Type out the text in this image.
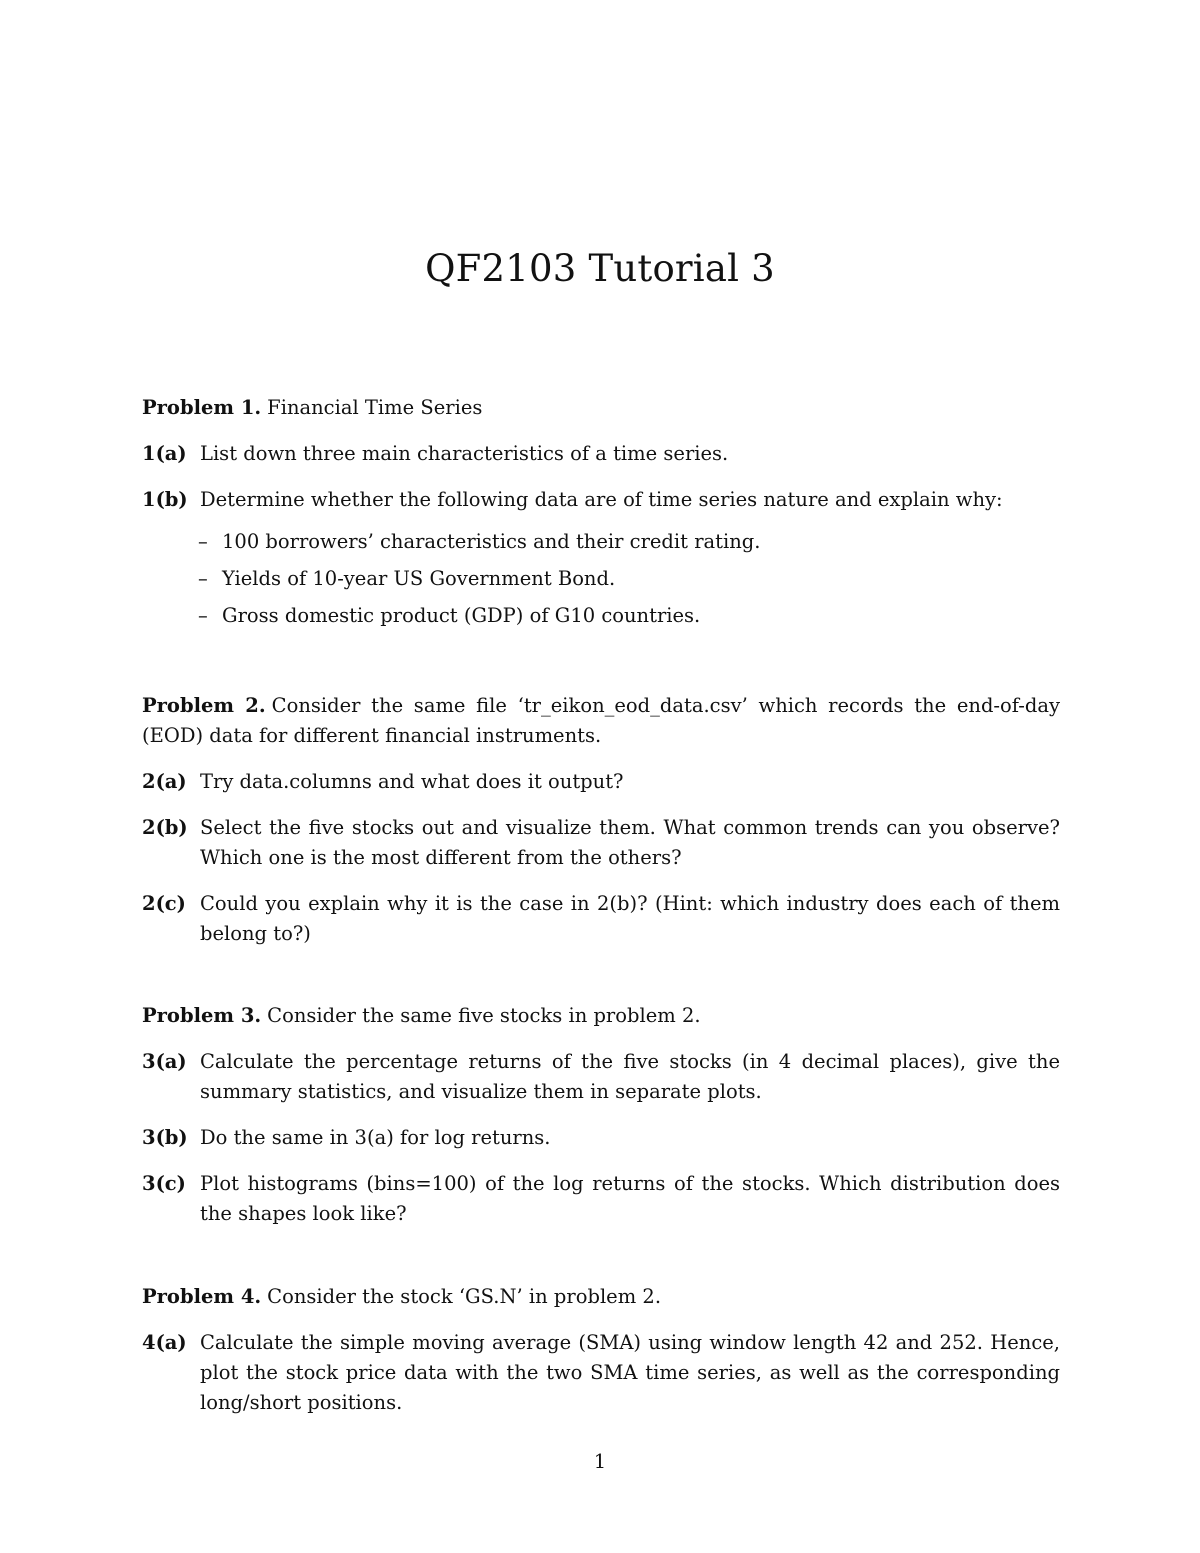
QF2103 Tutorial 3

Problem 1. Financial Time Series

1(a) List down three main characteristics of a time series.
1(b) Determine whether the following data are of time series nature and explain why:
– 100 borrowers’ characteristics and their credit rating.
– Yields of 10-year US Government Bond.
– Gross domestic product (GDP) of G10 countries.

Problem 2. Consider the same file ‘tr_eikon_eod_data.csv’ which records the end-of-day (EOD) data for different financial instruments.

2(a) Try data.columns and what does it output?
2(b) Select the five stocks out and visualize them. What common trends can you observe? Which one is the most different from the others?
2(c) Could you explain why it is the case in 2(b)? (Hint: which industry does each of them belong to?)

Problem 3. Consider the same five stocks in problem 2.

3(a) Calculate the percentage returns of the five stocks (in 4 decimal places), give the summary statistics, and visualize them in separate plots.
3(b) Do the same in 3(a) for log returns.
3(c) Plot histograms (bins=100) of the log returns of the stocks. Which distribution does the shapes look like?

Problem 4. Consider the stock ‘GS.N’ in problem 2.

4(a) Calculate the simple moving average (SMA) using window length 42 and 252. Hence, plot the stock price data with the two SMA time series, as well as the corresponding long/short positions.
1
